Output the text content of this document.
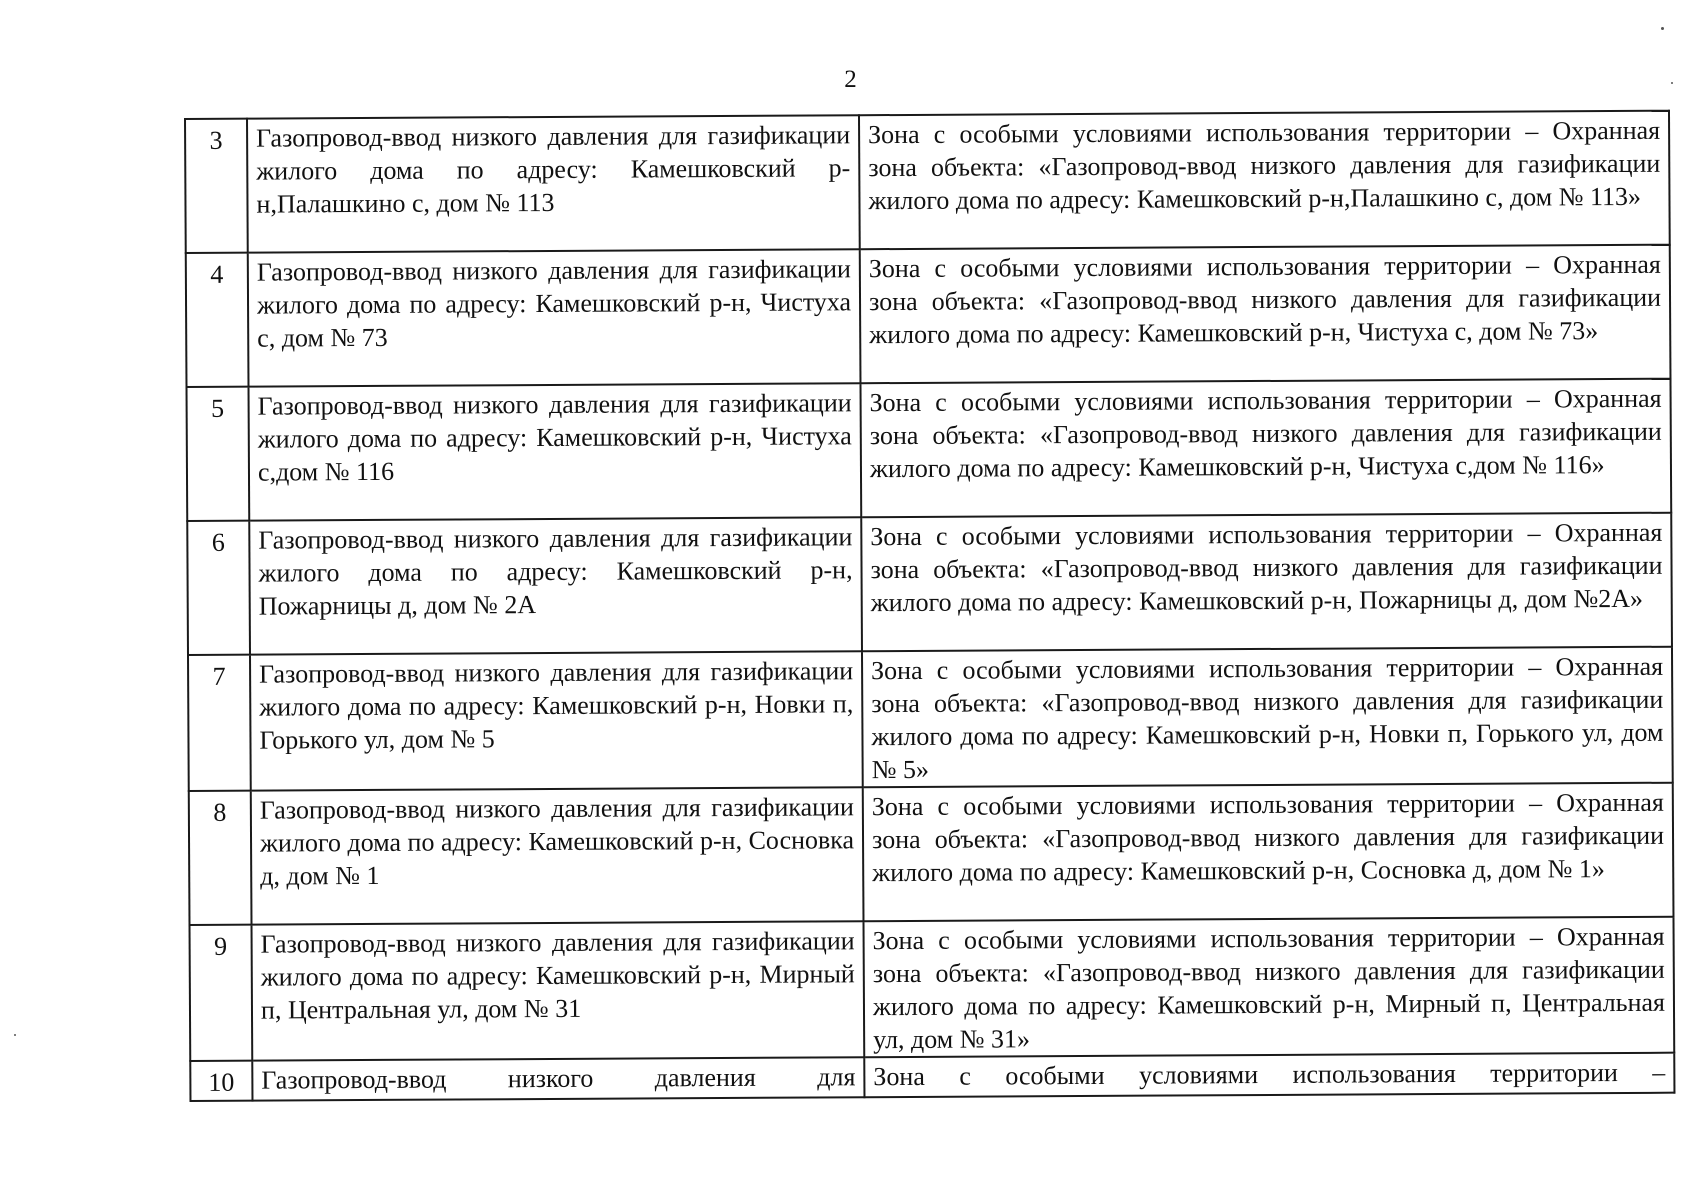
2
3	Газопровод-ввод низкого давления для газификации жилого дома по адресу: Камешковский р-н,Палашкино с, дом № 113	Зона с особыми условиями использования территории – Охранная зона объекта: «Газопровод-ввод низкого давления для газификации жилого дома по адресу: Камешковский р-н,Палашкино с, дом № 113»
4	Газопровод-ввод низкого давления для газификации жилого дома по адресу: Камешковский р-н, Чистуха с, дом № 73	Зона с особыми условиями использования территории – Охранная зона объекта: «Газопровод-ввод низкого давления для газификации жилого дома по адресу: Камешковский р-н, Чистуха с, дом № 73»
5	Газопровод-ввод низкого давления для газификации жилого дома по адресу: Камешковский р-н, Чистуха с,дом № 116	Зона с особыми условиями использования территории – Охранная зона объекта: «Газопровод-ввод низкого давления для газификации жилого дома по адресу: Камешковский р-н, Чистуха с,дом № 116»
6	Газопровод-ввод низкого давления для газификации жилого дома по адресу: Камешковский р-н, Пожарницы д, дом № 2А	Зона с особыми условиями использования территории – Охранная зона объекта: «Газопровод-ввод низкого давления для газификации жилого дома по адресу: Камешковский р-н, Пожарницы д, дом №2А»
7	Газопровод-ввод низкого давления для газификации жилого дома по адресу: Камешковский р-н, Новки п, Горького ул, дом № 5	Зона с особыми условиями использования территории – Охранная зона объекта: «Газопровод-ввод низкого давления для газификации жилого дома по адресу: Камешковский р-н, Новки п, Горького ул, дом № 5»
8	Газопровод-ввод низкого давления для газификации жилого дома по адресу: Камешковский р-н, Сосновка д, дом № 1	Зона с особыми условиями использования территории – Охранная зона объекта: «Газопровод-ввод низкого давления для газификации жилого дома по адресу: Камешковский р-н, Сосновка д, дом № 1»
9	Газопровод-ввод низкого давления для газификации жилого дома по адресу: Камешковский р-н, Мирный п, Центральная ул, дом № 31	Зона с особыми условиями использования территории – Охранная зона объекта: «Газопровод-ввод низкого давления для газификации жилого дома по адресу: Камешковский р-н, Мирный п, Центральная ул, дом № 31»
10	Газопровод-ввод низкого давления для	Зона с особыми условиями использования территории –
